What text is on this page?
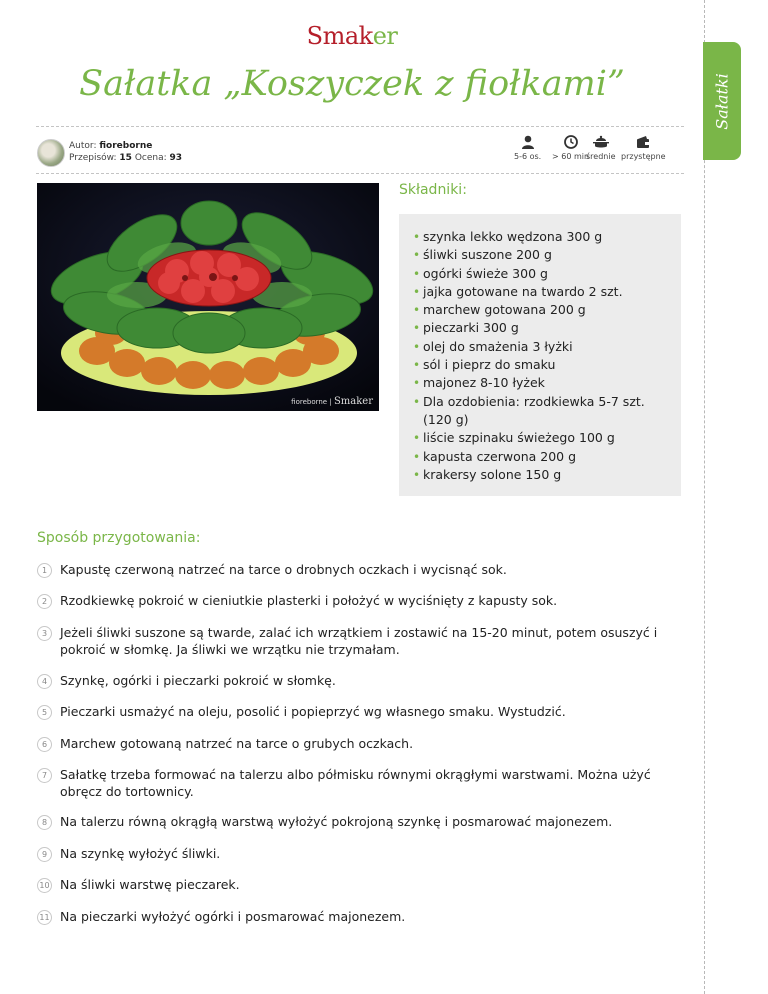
Sałatki
Smaker
Sałatka „Koszyczek z fiołkami”
Autor: fioreborne
Przepisów: 15 Ocena: 93	5-6 os. > 60 min
średnie przystępne
fioreborne | Smaker
Składniki:
• szynka lekko wędzona 300 g
• śliwki suszone 200 g
• ogórki świeże 300 g
• jajka gotowane na twardo 2 szt.
• marchew gotowana 200 g
• pieczarki 300 g
• olej do smażenia 3 łyżki
• sól i pieprz do smaku
• majonez 8-10 łyżek
• Dla ozdobienia: rzodkiewka 5-7 szt. (120 g)
• liście szpinaku świeżego 100 g
• kapusta czerwona 200 g
• krakersy solone 150 g
Sposób przygotowania:
1	Kapustę czerwoną natrzeć na tarce o drobnych oczkach i wycisnąć sok.
2	Rzodkiewkę pokroić w cieniutkie plasterki i położyć w wyciśnięty z kapusty sok.
3	Jeżeli śliwki suszone są twarde, zalać ich wrzątkiem i zostawić na 15-20 minut, potem osuszyć i pokroić w słomkę. Ja śliwki we wrzątku nie trzymałam.
4	Szynkę, ogórki i pieczarki pokroić w słomkę.
5	Pieczarki usmażyć na oleju, posolić i popieprzyć wg własnego smaku. Wystudzić.
6	Marchew gotowaną natrzeć na tarce o grubych oczkach.
7	Sałatkę trzeba formować na talerzu albo półmisku równymi okrągłymi warstwami. Można użyć obręcz do tortownicy.
8	Na talerzu równą okrągłą warstwą wyłożyć pokrojoną szynkę i posmarować majonezem.
9	Na szynkę wyłożyć śliwki.
10 Na śliwki warstwę pieczarek.
11 Na pieczarki wyłożyć ogórki i posmarować majonezem.
